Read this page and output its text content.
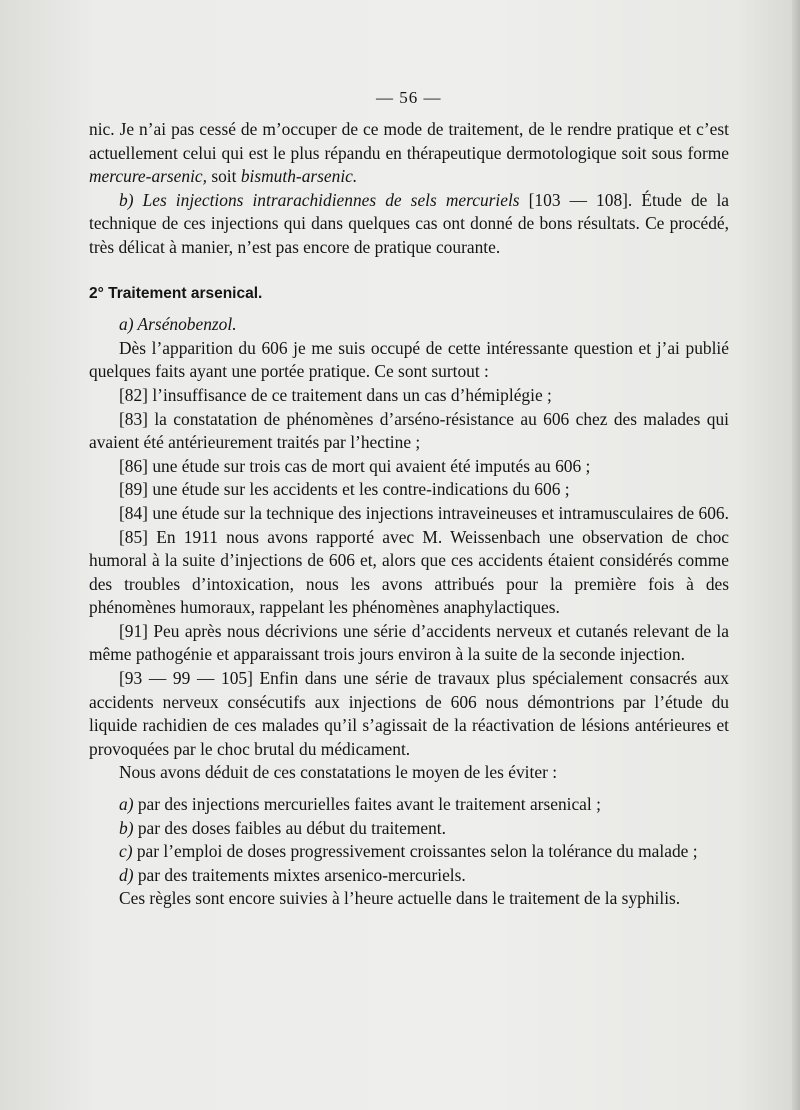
— 56 —

nic. Je n’ai pas cessé de m’occuper de ce mode de traitement, de le rendre pratique et c’est actuellement celui qui est le plus répandu en thérapeutique dermotologique soit sous forme mercure-arsenic, soit bismuth-arsenic.

b) Les injections intrarachidiennes de sels mercuriels [103 — 108]. Étude de la technique de ces injections qui dans quelques cas ont donné de bons résultats. Ce procédé, très délicat à manier, n’est pas encore de pratique courante.

2° Traitement arsenical.

a) Arsénobenzol.

Dès l’apparition du 606 je me suis occupé de cette intéressante question et j’ai publié quelques faits ayant une portée pratique. Ce sont surtout :

[82] l’insuffisance de ce traitement dans un cas d’hémiplégie ;

[83] la constatation de phénomènes d’arséno-résistance au 606 chez des malades qui avaient été antérieurement traités par l’hectine ;

[86] une étude sur trois cas de mort qui avaient été imputés au 606 ;

[89] une étude sur les accidents et les contre-indications du 606 ;

[84] une étude sur la technique des injections intraveineuses et intramusculaires de 606.

[85] En 1911 nous avons rapporté avec M. Weissenbach une observation de choc humoral à la suite d’injections de 606 et, alors que ces accidents étaient considérés comme des troubles d’intoxication, nous les avons attribués pour la première fois à des phénomènes humoraux, rappelant les phénomènes anaphylactiques.

[91] Peu après nous décrivions une série d’accidents nerveux et cutanés relevant de la même pathogénie et apparaissant trois jours environ à la suite de la seconde injection.

[93 — 99 — 105] Enfin dans une série de travaux plus spécialement consacrés aux accidents nerveux consécutifs aux injections de 606 nous démontrions par l’étude du liquide rachidien de ces malades qu’il s’agissait de la réactivation de lésions antérieures et provoquées par le choc brutal du médicament.

Nous avons déduit de ces constatations le moyen de les éviter :

a) par des injections mercurielles faites avant le traitement arsenical ;

b) par des doses faibles au début du traitement.

c) par l’emploi de doses progressivement croissantes selon la tolérance du malade ;

d) par des traitements mixtes arsenico-mercuriels.

Ces règles sont encore suivies à l’heure actuelle dans le traitement de la syphilis.
